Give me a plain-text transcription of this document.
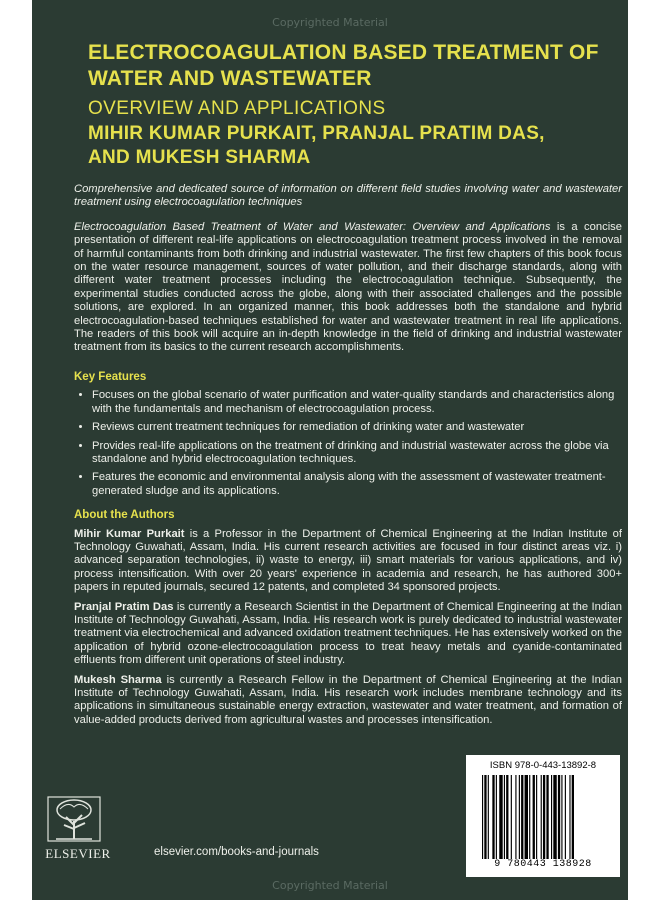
Copyrighted Material
ELECTROCOAGULATION BASED TREATMENT OF WATER AND WASTEWATER
OVERVIEW AND APPLICATIONS
MIHIR KUMAR PURKAIT, PRANJAL PRATIM DAS,
AND MUKESH SHARMA

Comprehensive and dedicated source of information on different field studies involving water and wastewater treatment using electrocoagulation techniques

Electrocoagulation Based Treatment of Water and Wastewater: Overview and Applications is a concise presentation of different real-life applications on electrocoagulation treatment process involved in the removal of harmful contaminants from both drinking and industrial wastewater. The first few chapters of this book focus on the water resource management, sources of water pollution, and their discharge standards, along with different water treatment processes including the electrocoagulation technique. Subsequently, the experimental studies conducted across the globe, along with their associated challenges and the possible solutions, are explored. In an organized manner, this book addresses both the standalone and hybrid electrocoagulation-based techniques established for water and wastewater treatment in real life applications. The readers of this book will acquire an in-depth knowledge in the field of drinking and industrial wastewater treatment from its basics to the current research accomplishments.

Key Features
• Focuses on the global scenario of water purification and water-quality standards and characteristics along with the fundamentals and mechanism of electrocoagulation process.
• Reviews current treatment techniques for remediation of drinking water and wastewater
• Provides real-life applications on the treatment of drinking and industrial wastewater across the globe via standalone and hybrid electrocoagulation techniques.
• Features the economic and environmental analysis along with the assessment of wastewater treatment-generated sludge and its applications.
About the Authors

Mihir Kumar Purkait is a Professor in the Department of Chemical Engineering at the Indian Institute of Technology Guwahati, Assam, India. His current research activities are focused in four distinct areas viz. i) advanced separation technologies, ii) waste to energy, iii) smart materials for various applications, and iv) process intensification. With over 20 years' experience in academia and research, he has authored 300+ papers in reputed journals, secured 12 patents, and completed 34 sponsored projects.

Pranjal Pratim Das is currently a Research Scientist in the Department of Chemical Engineering at the Indian Institute of Technology Guwahati, Assam, India. His research work is purely dedicated to industrial wastewater treatment via electrochemical and advanced oxidation treatment techniques. He has extensively worked on the application of hybrid ozone-electrocoagulation process to treat heavy metals and cyanide-contaminated effluents from different unit operations of steel industry.

Mukesh Sharma is currently a Research Fellow in the Department of Chemical Engineering at the Indian Institute of Technology Guwahati, Assam, India. His research work includes membrane technology and its applications in simultaneous sustainable energy extraction, wastewater and water treatment, and formation of value-added products derived from agricultural wastes and processes intensification.

ELSEVIER	elsevier.com/books-and-journals
ISBN 978-0-443-13892-8
9 780443 138928
Copyrighted Material
